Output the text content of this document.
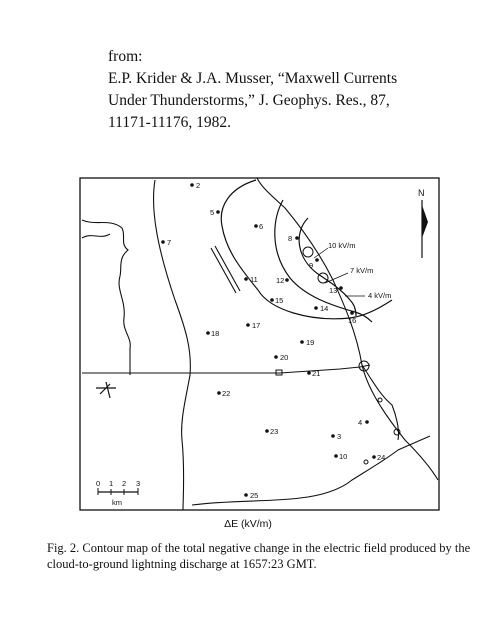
from:
E.P. Krider & J.A. Musser, “Maxwell Currents
Under Thunderstorms,” J. Geophys. Res., 87,
11171-11176, 1982.
10 kV/m
7 kV/m
4 kV/m
2
5
6
7	8
9
11 12
13
14
15
16
17
18
19
20
21
22
23
3
4
10	24
25
N
0 1 2 3
km
ΔE (kV/m)
Fig. 2. Contour map of the total negative change in the electric field produced by the cloud-to-ground lightning discharge at 1657:23 GMT.
